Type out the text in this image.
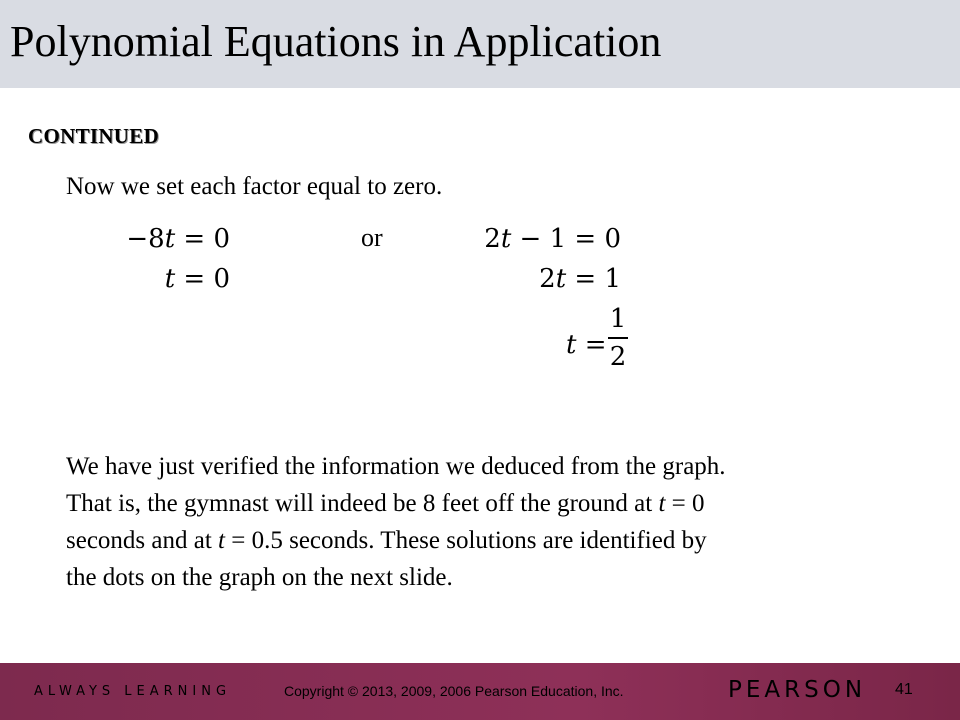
Polynomial Equations in Application
CONTINUED
Now we set each factor equal to zero.
−8t = 0
t = 0
or	2t − 1 = 0
2t = 1
t =
1
2
We have just verified the information we deduced from the graph.
That is, the gymnast will indeed be 8 feet off the ground at t = 0
seconds and at t = 0.5 seconds. These solutions are identified by
the dots on the graph on the next slide.
ALWAYS LEARNING	Copyright © 2013, 2009, 2006 Pearson Education, Inc.	PEARSON 41
